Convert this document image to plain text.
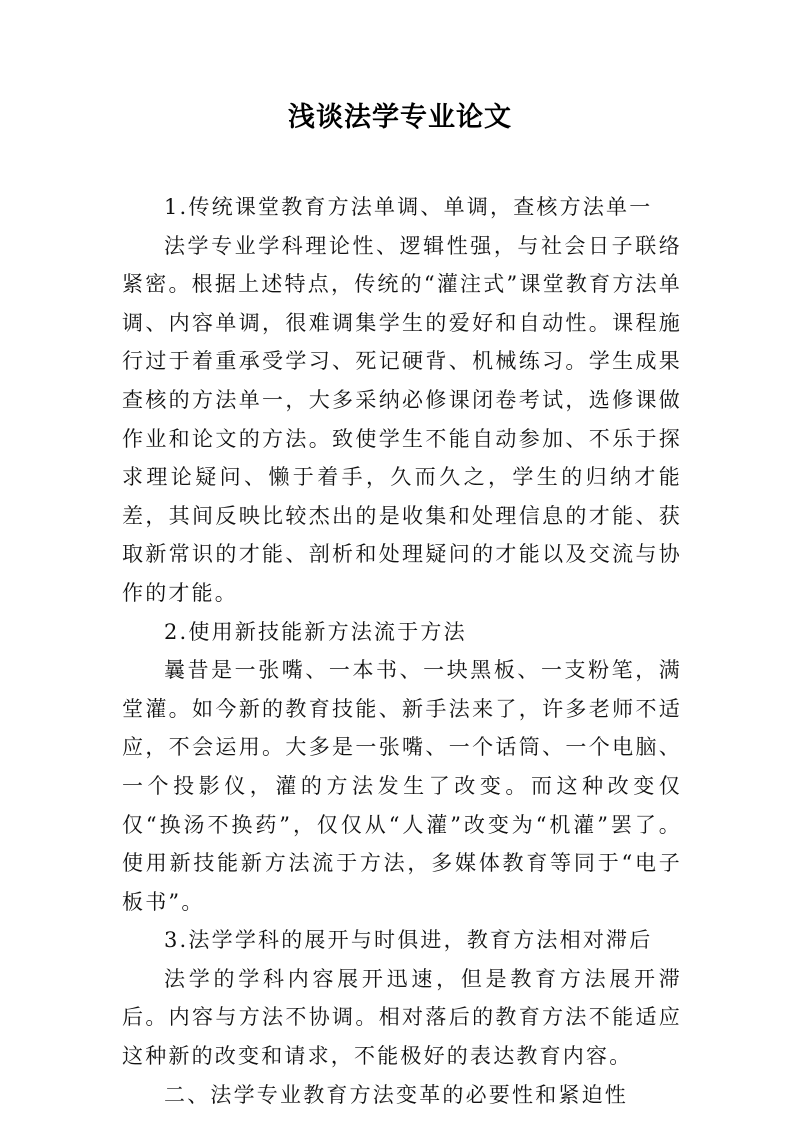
浅谈法学专业论文

1.传统课堂教育方法单调、单调，查核方法单一

法学专业学科理论性、逻辑性强，与社会日子联络紧密。根据上述特点，传统的“灌注式”课堂教育方法单调、内容单调，很难调集学生的爱好和自动性。课程施行过于着重承受学习、死记硬背、机械练习。学生成果查核的方法单一，大多采纳必修课闭卷考试，选修课做作业和论文的方法。致使学生不能自动参加、不乐于探求理论疑问、懒于着手，久而久之，学生的归纳才能差，其间反映比较杰出的是收集和处理信息的才能、获取新常识的才能、剖析和处理疑问的才能以及交流与协作的才能。

2.使用新技能新方法流于方法

曩昔是一张嘴、一本书、一块黑板、一支粉笔，满堂灌。如今新的教育技能、新手法来了，许多老师不适应，不会运用。大多是一张嘴、一个话筒、一个电脑、一个投影仪，灌的方法发生了改变。而这种改变仅仅“换汤不换药”，仅仅从“人灌”改变为“机灌”罢了。使用新技能新方法流于方法，多媒体教育等同于“电子板书”。

3.法学学科的展开与时俱进，教育方法相对滞后

法学的学科内容展开迅速，但是教育方法展开滞后。内容与方法不协调。相对落后的教育方法不能适应这种新的改变和请求，不能极好的表达教育内容。

二、法学专业教育方法变革的必要性和紧迫性
